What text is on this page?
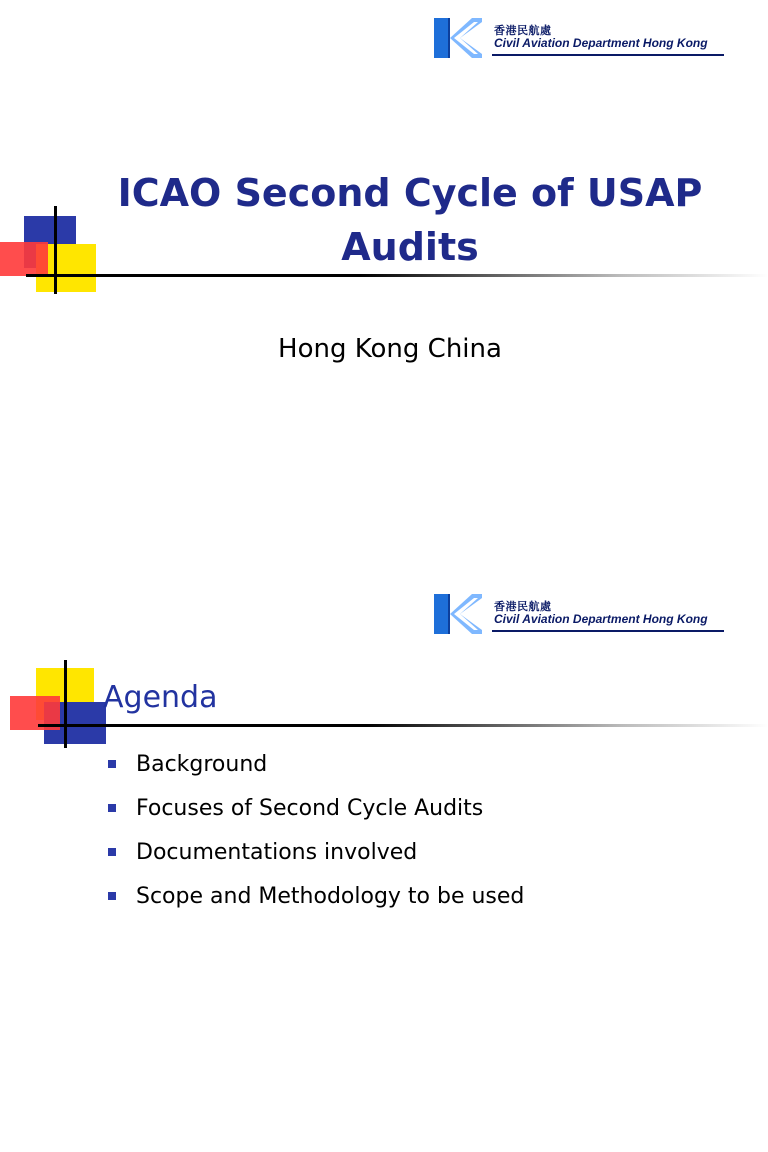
香港民航處
Civil Aviation Department Hong Kong
ICAO Second Cycle of USAP
Audits
Hong Kong China
香港民航處
Civil Aviation Department Hong Kong
Agenda
Background
Focuses of Second Cycle Audits
Documentations involved
Scope and Methodology to be used
